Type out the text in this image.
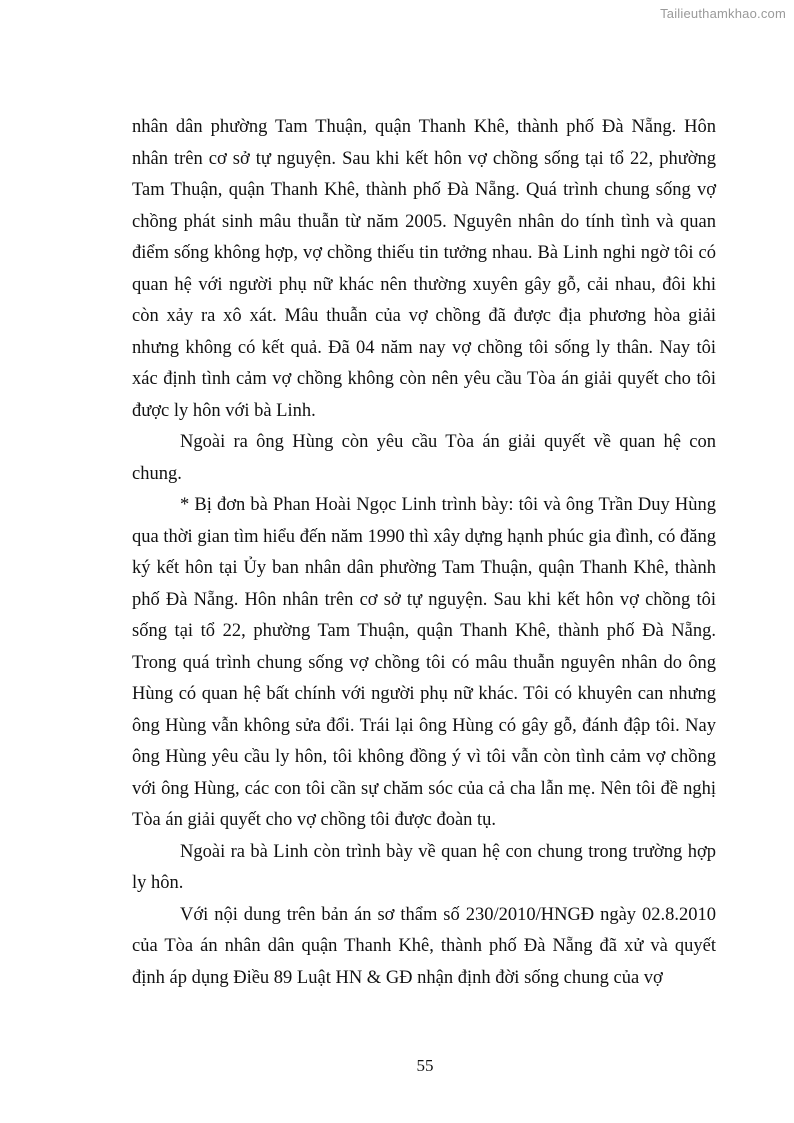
Tailieuthamkhao.com

nhân dân phường Tam Thuận, quận Thanh Khê, thành phố Đà Nẵng. Hôn nhân trên cơ sở tự nguyện. Sau khi kết hôn vợ chồng sống tại tổ 22, phường Tam Thuận, quận Thanh Khê, thành phố Đà Nẵng. Quá trình chung sống vợ chồng phát sinh mâu thuẫn từ năm 2005. Nguyên nhân do tính tình và quan điểm sống không hợp, vợ chồng thiếu tin tưởng nhau. Bà Linh nghi ngờ tôi có quan hệ với người phụ nữ khác nên thường xuyên gây gỗ, cải nhau, đôi khi còn xảy ra xô xát. Mâu thuẫn của vợ chồng đã được địa phương hòa giải nhưng không có kết quả. Đã 04 năm nay vợ chồng tôi sống ly thân. Nay tôi xác định tình cảm vợ chồng không còn nên yêu cầu Tòa án giải quyết cho tôi được ly hôn với bà Linh.

Ngoài ra ông Hùng còn yêu cầu Tòa án giải quyết về quan hệ con chung.

* Bị đơn bà Phan Hoài Ngọc Linh trình bày: tôi và ông Trần Duy Hùng qua thời gian tìm hiểu đến năm 1990 thì xây dựng hạnh phúc gia đình, có đăng ký kết hôn tại Ủy ban nhân dân phường Tam Thuận, quận Thanh Khê, thành phố Đà Nẵng. Hôn nhân trên cơ sở tự nguyện. Sau khi kết hôn vợ chồng tôi sống tại tổ 22, phường Tam Thuận, quận Thanh Khê, thành phố Đà Nẵng. Trong quá trình chung sống vợ chồng tôi có mâu thuẫn nguyên nhân do ông Hùng có quan hệ bất chính với người phụ nữ khác. Tôi có khuyên can nhưng ông Hùng vẫn không sửa đổi. Trái lại ông Hùng có gây gỗ, đánh đập tôi. Nay ông Hùng yêu cầu ly hôn, tôi không đồng ý vì tôi vẫn còn tình cảm vợ chồng với ông Hùng, các con tôi cần sự chăm sóc của cả cha lẫn mẹ. Nên tôi đề nghị Tòa án giải quyết cho vợ chồng tôi được đoàn tụ.

Ngoài ra bà Linh còn trình bày về quan hệ con chung trong trường hợp ly hôn.

Với nội dung trên bản án sơ thẩm số 230/2010/HNGĐ ngày 02.8.2010 của Tòa án nhân dân quận Thanh Khê, thành phố Đà Nẵng đã xử và quyết định áp dụng Điều 89 Luật HN & GĐ nhận định đời sống chung của vợ

55
